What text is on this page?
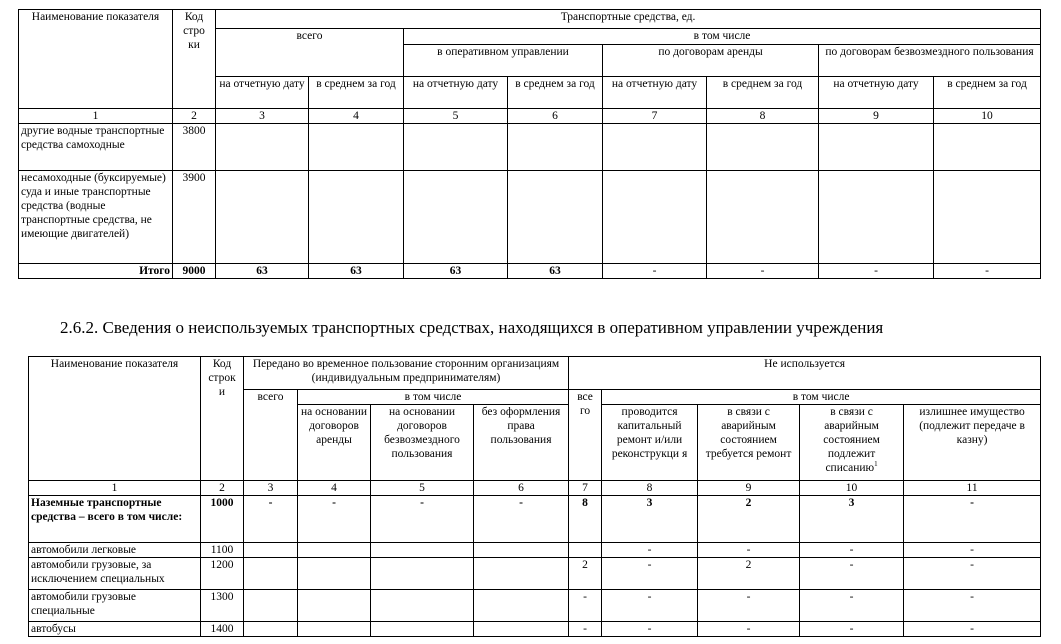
Наименование показателя	Код стро ки	Транспортные средства, ед.							
		всего		в том числе					
				в оперативном управлении		по договорам аренды		по договорам безвозмездного пользования	
		на отчетную дату	в среднем за год	на отчетную дату	в среднем за год	на отчетную дату	в среднем за год	на отчетную дату	в среднем за год
1	2	3	4	5	6	7	8	9	10
другие водные транспортные средства самоходные	3800								
несамоходные (буксируемые) суда и иные транспортные средства (водные транспортные средства, не имеющие двигателей)	3900								
Итого	9000	63	63	63	63	-	-	-	-
2.6.2. Сведения о неиспользуемых транспортных средствах, находящихся в оперативном управлении учреждения
Наименование показателя	Код строк и	Передано во временное пользование сторонним организациям (индивидуальным предпринимателям)				Не используется				
		всего	в том числе			все го	в том числе			
			на основании договоров аренды	на основании договоров безвозмездного пользования	без оформления права пользования		проводится капитальный ремонт и/или реконструкци я	в связи с аварийным состоянием требуется ремонт	в связи с аварийным состоянием подлежит списанию$^1$	излишнее имущество (подлежит передаче в казну)
1	2	3	4	5	6	7	8	9	10	11
Наземные транспортные средства – всего в том числе:	1000	-	-	-	-	8	3	2	3	-
автомобили легковые	1100						-	-	-	-
автомобили грузовые, за исключением специальных	1200					2	-	2	-	-
автомобили грузовые специальные	1300					-	-	-	-	-
автобусы	1400					-	-	-	-	-
